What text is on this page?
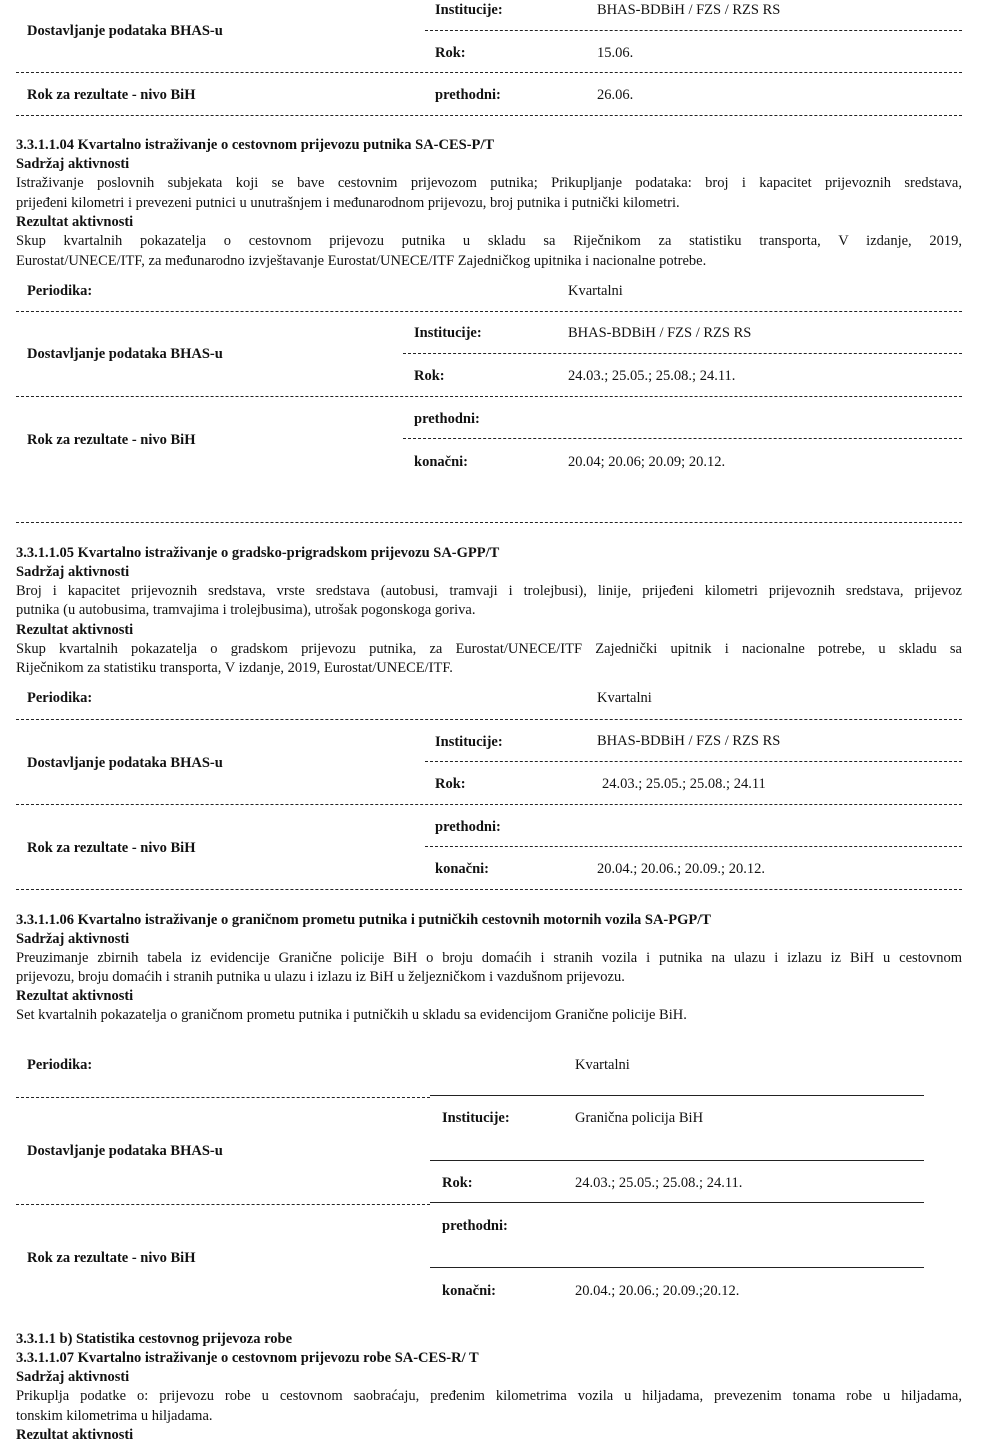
Institucije:	BHAS-BDBiH / FZS / RZS RS
Dostavljanje podataka BHAS-u
Rok:	15.06.
Rok za rezultate - nivo BiH	prethodni:	26.06.
3.3.1.1.04 Kvartalno istraživanje o cestovnom prijevozu putnika SA-CES-P/T
Sadržaj aktivnosti
Istraživanje poslovnih subjekata koji se bave cestovnim prijevozom putnika; Prikupljanje podataka: broj i kapacitet prijevoznih sredstava,
prijeđeni kilometri i prevezeni putnici u unutrašnjem i međunarodnom prijevozu, broj putnika i putnički kilometri.
Rezultat aktivnosti
Skup kvartalnih pokazatelja o cestovnom prijevozu putnika u skladu sa Riječnikom za statistiku transporta, V izdanje, 2019,
Eurostat/UNECE/ITF, za međunarodno izvještavanje Eurostat/UNECE/ITF Zajedničkog upitnika i nacionalne potrebe.
Periodika:	Kvartalni
Institucije:	BHAS-BDBiH / FZS / RZS RS
Dostavljanje podataka BHAS-u
Rok:	24.03.; 25.05.; 25.08.; 24.11.
prethodni:
Rok za rezultate - nivo BiH
konačni:	20.04; 20.06; 20.09; 20.12.
3.3.1.1.05 Kvartalno istraživanje o gradsko-prigradskom prijevozu SA-GPP/T
Sadržaj aktivnosti
Broj i kapacitet prijevoznih sredstava, vrste sredstava (autobusi, tramvaji i trolejbusi), linije, prijeđeni kilometri prijevoznih sredstava, prijevoz
putnika (u autobusima, tramvajima i trolejbusima), utrošak pogonskoga goriva.
Rezultat aktivnosti
Skup kvartalnih pokazatelja o gradskom prijevozu putnika, za Eurostat/UNECE/ITF Zajednički upitnik i nacionalne potrebe, u skladu sa
Riječnikom za statistiku transporta, V izdanje, 2019, Eurostat/UNECE/ITF.
Periodika:	Kvartalni
Institucije:	BHAS-BDBiH / FZS / RZS RS
Dostavljanje podataka BHAS-u
Rok:	24.03.; 25.05.; 25.08.; 24.11
prethodni:
Rok za rezultate - nivo BiH
konačni:	20.04.; 20.06.; 20.09.; 20.12.
3.3.1.1.06 Kvartalno istraživanje o graničnom prometu putnika i putničkih cestovnih motornih vozila SA-PGP/T
Sadržaj aktivnosti
Preuzimanje zbirnih tabela iz evidencije Granične policije BiH o broju domaćih i stranih vozila i putnika na ulazu i izlazu iz BiH u cestovnom
prijevozu, broju domaćih i stranih putnika u ulazu i izlazu iz BiH u željezničkom i vazdušnom prijevozu.
Rezultat aktivnosti
Set kvartalnih pokazatelja o graničnom prometu putnika i putničkih u skladu sa evidencijom Granične policije BiH.
Periodika:	Kvartalni
Institucije:	Granična policija BiH
Dostavljanje podataka BHAS-u
Rok:	24.03.; 25.05.; 25.08.; 24.11.
prethodni:
Rok za rezultate - nivo BiH
konačni:	20.04.; 20.06.; 20.09.;20.12.
3.3.1.1 b) Statistika cestovnog prijevoza robe
3.3.1.1.07 Kvartalno istraživanje o cestovnom prijevozu robe SA-CES-R/ T
Sadržaj aktivnosti
Prikuplja podatke o: prijevozu robe u cestovnom saobraćaju, pređenim kilometrima vozila u hiljadama, prevezenim tonama robe u hiljadama,
tonskim kilometrima u hiljadama.
Rezultat aktivnosti
